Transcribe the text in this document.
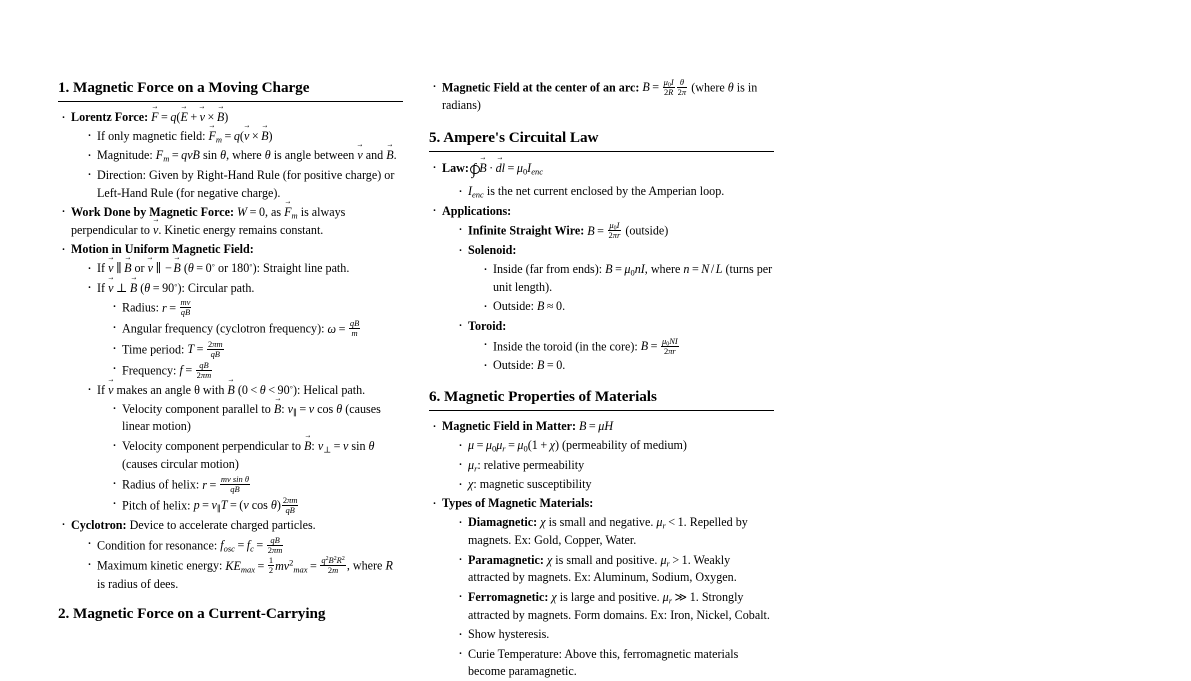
1. Magnetic Force on a Moving Charge
· Lorentz Force: F → = q(E → + v → × B →)
· If only magnetic field: $F \to_m = q(v$ → × B →)
· Magnitude: $F_m$ = qvB sin θ, where θ is angle between v → and B →.
· Direction: Given by Right-Hand Rule (for positive charge) or Left-Hand Rule (for negative charge).
· Work Done by Magnetic Force: W = 0, as $F \to_m$ is always perpendicular to v →. Kinetic energy remains constant.
· Motion in Uniform Magnetic Field:
· If v → ∥ B → or v → ∥ − B → (θ = 0◦ or 180◦): Straight line path.
· If v → ⊥ B → (θ = 90◦): Circular path.
· Radius: $r = \frac{mv}{qB}$
· Angular frequency (cyclotron frequency): $\omega = \frac{qB}{m}$
· Time period: $T = \frac{2\pi m}{qB}$
· Frequency: $f = \frac{qB}{2\pi m}$
· If v → makes an angle θ with B → (0 < θ < 90◦): Helical path.
· Velocity component parallel to B →: $v_\parallel = v$ cos θ (causes linear motion)
· Velocity component perpendicular to B →: $v_\perp = v$ sin θ (causes circular motion)
· Radius of helix: $r = \frac{\text{mv sin θ}}{qB}$
· Pitch of helix: $p = v_\parallel T = (v$ $\cos \theta) \frac{2\pi m}{qB}$
· Cyclotron: Device to accelerate charged particles.
· Condition for resonance: $f_{osc} = f_c = \frac{qB}{2\pi m}$
· Maximum kinetic energy: $KE_{max} = \frac{1}{2} mv^2_{max} = \frac{q^2B^2R^2}{2m}$ , where R is radius of dees.
2. Magnetic Force on a Current-Carrying
· Magnetic Field at the center of an arc: $B = \frac{\mu_0I}{2R} \frac{\theta}{2\pi}$ (where θ is in radians)
5. Ampere's Circuital Law
· Law: ∫ B → · dl → = $\mu_0I_{enc}$
· $I_{enc}$ is the net current enclosed by the Amperian loop.
· Applications:
· Infinite Straight Wire: $B = \frac{\mu_0I}{2\pi r}$ (outside)
· Solenoid:
· Inside (far from ends): $B = \mu_0nI$, where n = N / L (turns per unit length).
· Outside: B ≈ 0.
· Toroid:
· Inside the toroid (in the core): $B = \frac{\mu_0NI}{2\pi r}$
· Outside: B = 0.
6. Magnetic Properties of Materials
· Magnetic Field in Matter: B = μH
· $\mu = \mu_0\mu_r = \mu_0(1 + \chi)$ (permeability of medium)
· $\mu_r$: relative permeability
· χ: magnetic susceptibility
· Types of Magnetic Materials:
· Diamagnetic: χ is small and negative. $\mu_r < 1$. Repelled by magnets. Ex: Gold, Copper, Water.
· Paramagnetic: χ is small and positive. $\mu_r > 1$. Weakly attracted by magnets. Ex: Aluminum, Sodium, Oxygen.
· Ferromagnetic: χ is large and positive. $\mu_r$ ≫ 1. Strongly attracted by magnets. Form domains. Ex: Iron, Nickel, Cobalt.
· Show hysteresis.
· Curie Temperature: Above this, ferromagnetic materials become paramagnetic.
